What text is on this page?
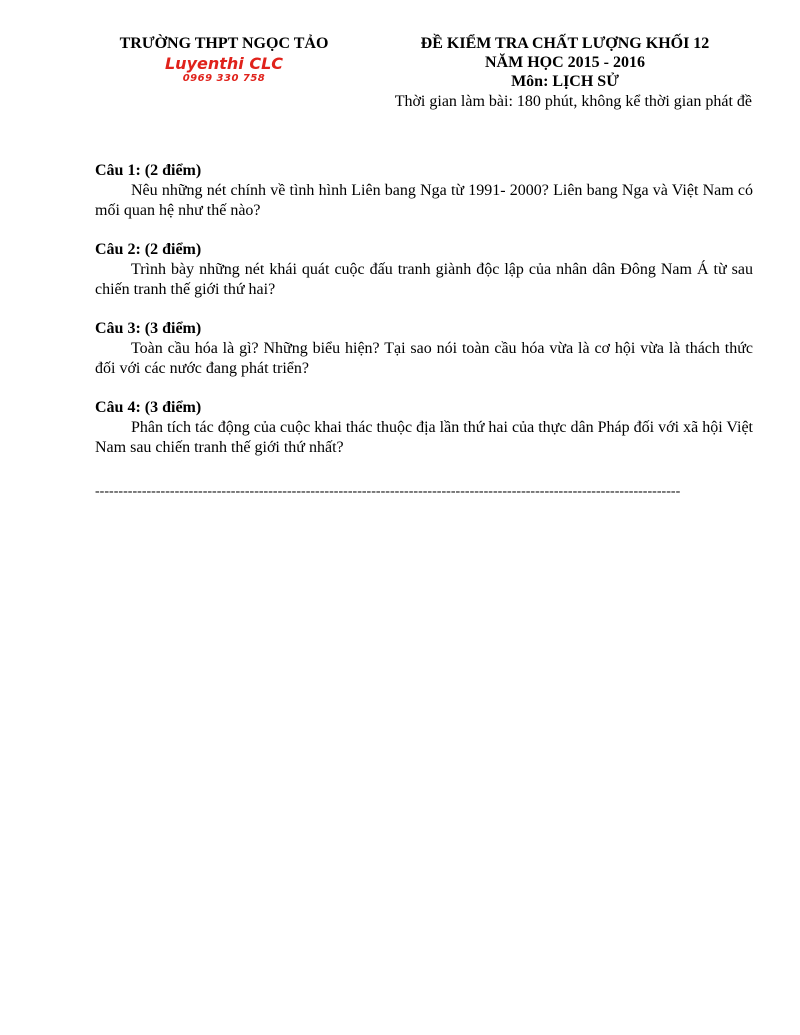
TRƯỜNG THPT NGỌC TẢO
Luyenthi CLC
0969 330 758
ĐỀ KIỂM TRA CHẤT LƯỢNG KHỐI 12
NĂM HỌC 2015 - 2016
Môn: LỊCH SỬ
Thời gian làm bài: 180 phút, không kể thời gian phát đề
Câu 1: (2 điểm)
Nêu những nét chính về tình hình Liên bang Nga từ 1991- 2000? Liên bang Nga và Việt Nam có mối quan hệ như thế nào?
Câu 2: (2 điểm)
Trình bày những nét khái quát cuộc đấu tranh giành độc lập của nhân dân Đông Nam Á từ sau chiến tranh thế giới thứ hai?
Câu 3: (3 điểm)
Toàn cầu hóa là gì? Những biểu hiện? Tại sao nói toàn cầu hóa vừa là cơ hội vừa là thách thức đối với các nước đang phát triển?
Câu 4: (3 điểm)
Phân tích tác động của cuộc khai thác thuộc địa lần thứ hai của thực dân Pháp đối với xã hội Việt Nam sau chiến tranh thế giới thứ nhất?
-----------------------------------------------------------------------------------------------------------------------------
